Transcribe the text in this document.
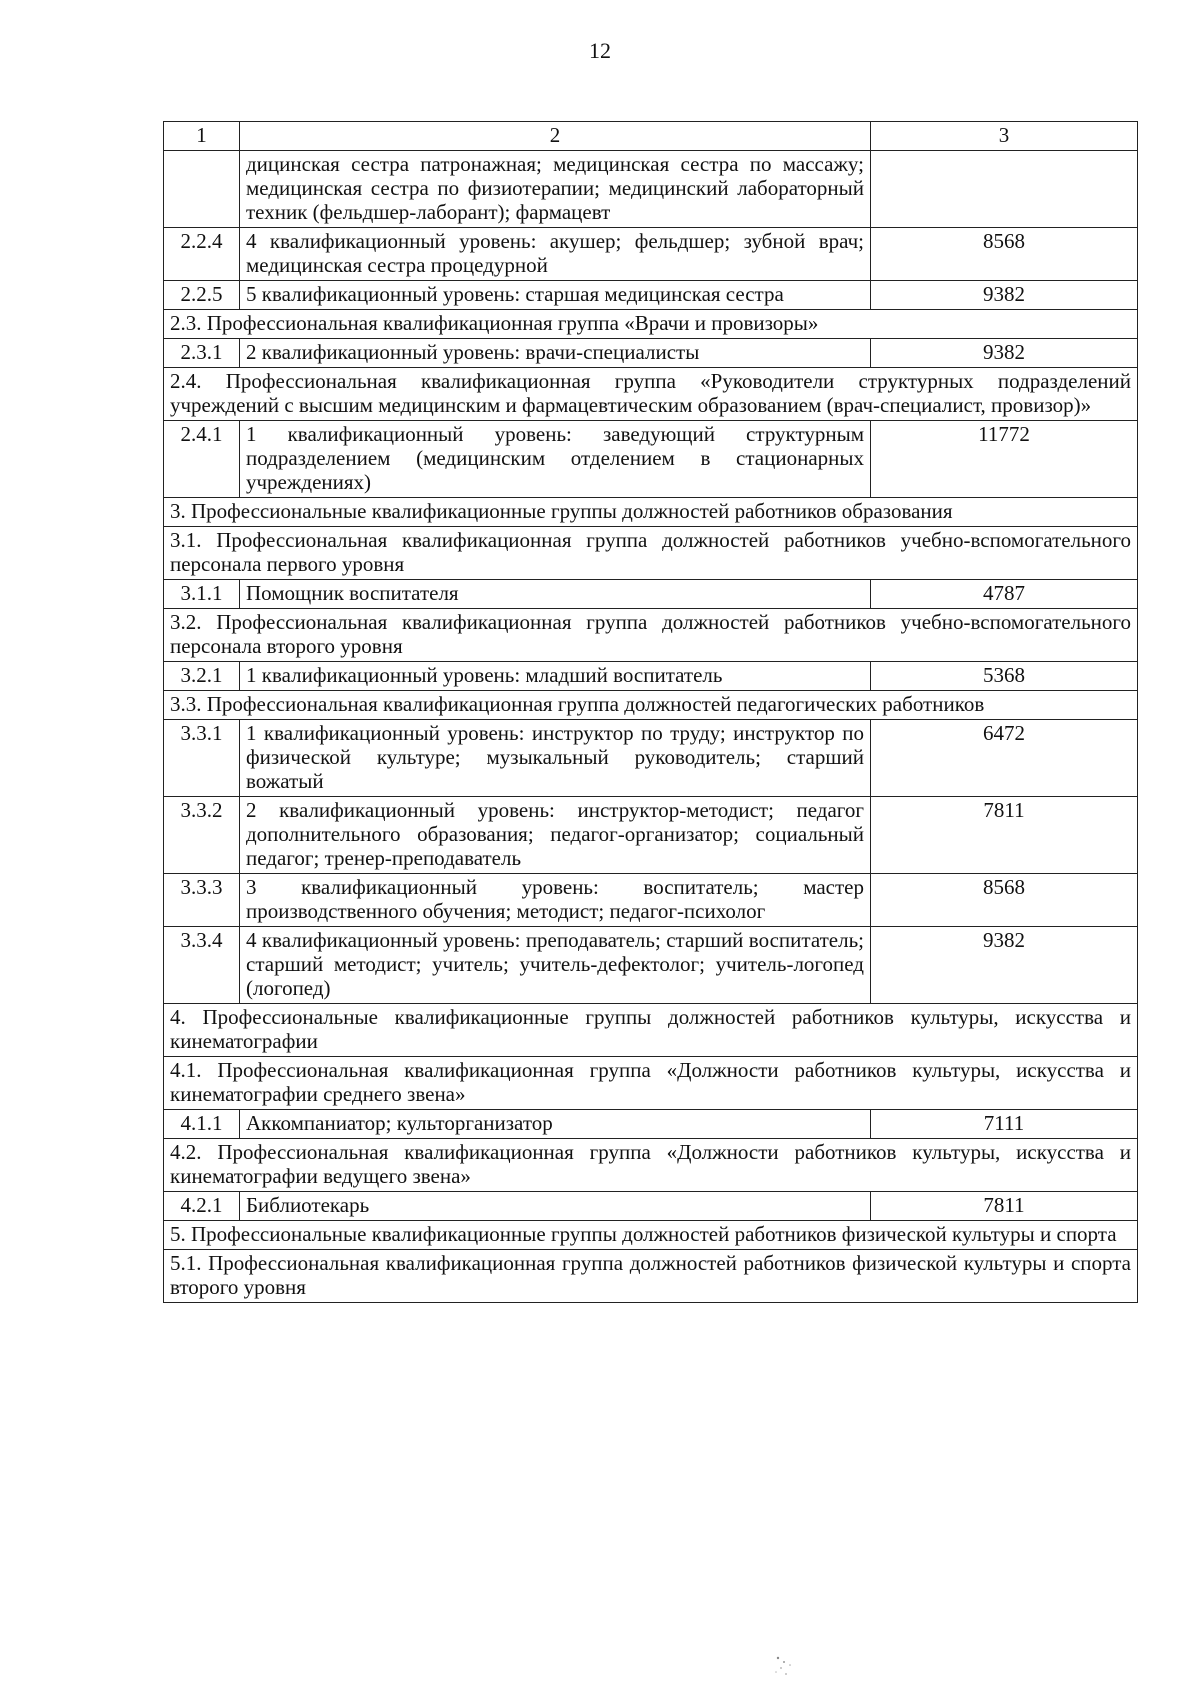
12
1	2	3
	дицинская сестра патронажная; медицинская сестра по массажу; медицинская сестра по физиотерапии; медицинский лабораторный техник (фельдшер-лаборант); фармацевт	
2.2.4	4 квалификационный уровень: акушер; фельдшер; зубной врач; медицинская сестра процедурной	8568
2.2.5	5 квалификационный уровень: старшая медицинская сестра	9382
2.3. Профессиональная квалификационная группа «Врачи и провизоры»		
2.3.1	2 квалификационный уровень: врачи-специалисты	9382
2.4. Профессиональная квалификационная группа «Руководители структурных подразделений учреждений с высшим медицинским и фармацевтическим образованием (врач-специалист, провизор)»		
2.4.1	1 квалификационный уровень: заведующий структурным подразделением (медицинским отделением в стационарных учреждениях)	11772
3. Профессиональные квалификационные группы должностей работников образования		
3.1. Профессиональная квалификационная группа должностей работников учебно-вспомогательного персонала первого уровня		
3.1.1	Помощник воспитателя	4787
3.2. Профессиональная квалификационная группа должностей работников учебно-вспомогательного персонала второго уровня		
3.2.1	1 квалификационный уровень: младший воспитатель	5368
3.3. Профессиональная квалификационная группа должностей педагогических работников		
3.3.1	1 квалификационный уровень: инструктор по труду; инструктор по физической культуре; музыкальный руководитель; старший вожатый	6472
3.3.2	2 квалификационный уровень: инструктор-методист; педагог дополнительного образования; педагог-организатор; социальный педагог; тренер-преподаватель	7811
3.3.3	3 квалификационный уровень: воспитатель; мастер производственного обучения; методист; педагог-психолог	8568
3.3.4	4 квалификационный уровень: преподаватель; старший воспитатель; старший методист; учитель; учитель-дефектолог; учитель-логопед (логопед)	9382
4. Профессиональные квалификационные группы должностей работников культуры, искусства и кинематографии		
4.1. Профессиональная квалификационная группа «Должности работников культуры, искусства и кинематографии среднего звена»		
4.1.1	Аккомпаниатор; культорганизатор	7111
4.2. Профессиональная квалификационная группа «Должности работников культуры, искусства и кинематографии ведущего звена»		
4.2.1	Библиотекарь	7811
5. Профессиональные квалификационные группы должностей работников физической культуры и спорта		
5.1. Профессиональная квалификационная группа должностей работников физической культуры и спорта второго уровня		
